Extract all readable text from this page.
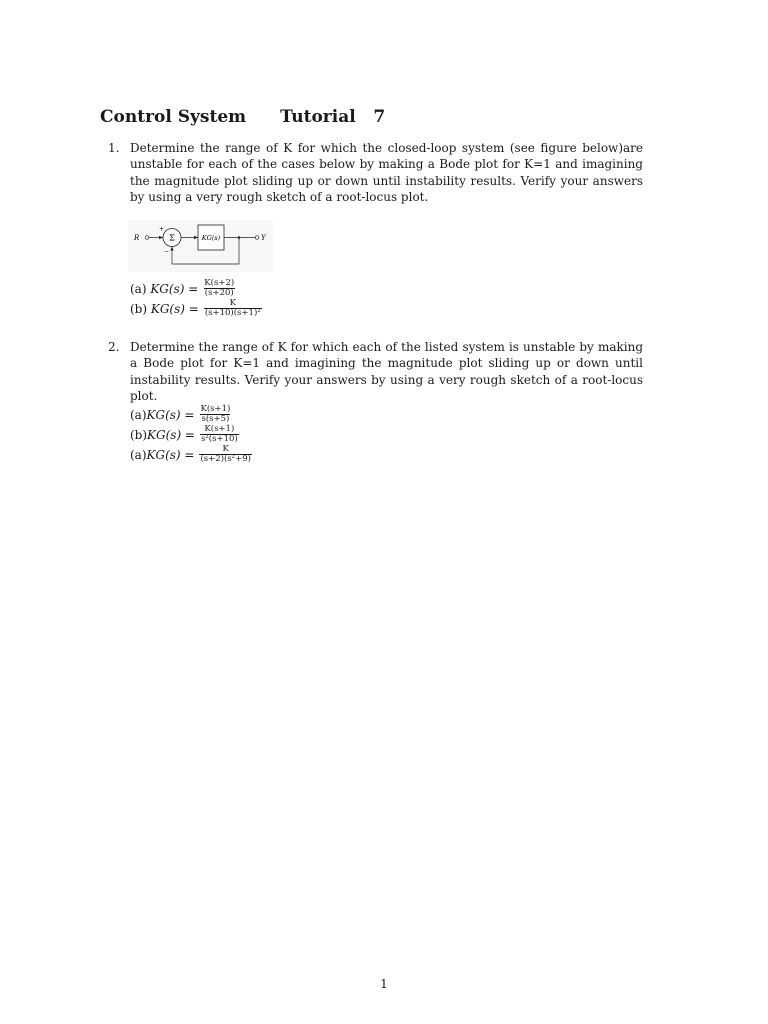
Control System Tutorial   7
1. Determine the range of K for which the closed-loop system (see figure below)are unstable for each of the cases below by making a Bode plot for K=1 and imagining the magnitude plot sliding up or down until instability results. Verify your answers by using a very rough sketch of a root-locus plot.
R	Σ
+
−
KG(s)	Y
(a) $KG(s) = \frac{K(s+2)}{(s+20)}$
(b) $KG(s) = \frac{K}{\text{(s+10)(s+1)²}}$
2. Determine the range of K for which each of the listed system is unstable by making a Bode plot for K=1 and imagining the magnitude plot sliding up or down until instability results. Verify your answers by using a very rough sketch of a root-locus plot.
(a) $KG(s) = \frac{K(s+1)}{s(s+5)}$
(b) $KG(s) = \frac{K(s+1)}{\text{s²(s+10)}}$
(a) $KG(s) = \frac{K}{\text{(s+2)(s²+9)}}$
1
